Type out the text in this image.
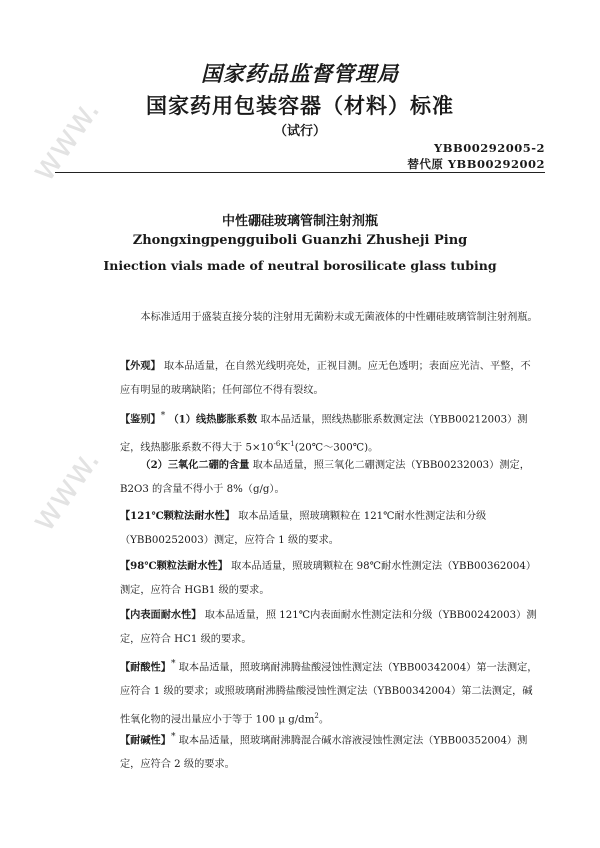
www.
www.
国家药品监督管理局
国家药用包装容器（材料）标准
（试行）
YBB00292005-2
替代原 YBB00292002
中性硼硅玻璃管制注射剂瓶
Zhongxingpengguiboli Guanzhi Zhusheji Ping
Iniection vials made of neutral borosilicate glass tubing
本标准适用于盛装直接分装的注射用无菌粉末或无菌液体的中性硼硅玻璃管制注射剂瓶。
【外观】 取本品适量，在自然光线明亮处，正视目测。应无色透明；表面应光洁、平整，不应有明显的玻璃缺陷；任何部位不得有裂纹。
【鉴别】* （1）线热膨胀系数 取本品适量，照线热膨胀系数测定法（YBB00212003）测定，线热膨胀系数不得大于 $5\times 10^{-6}K^{-1}(20℃\sim 300℃)$。
（2）三氧化二硼的含量 取本品适量，照三氧化二硼测定法（YBB00232003）测定，B2O3 的含量不得小于 8%（g/g）。
【121℃颗粒法耐水性】 取本品适量，照玻璃颗粒在 121℃耐水性测定法和分级（YBB00252003）测定，应符合 1 级的要求。
【98℃颗粒法耐水性】 取本品适量，照玻璃颗粒在 98℃耐水性测定法（YBB00362004）测定，应符合 HGB1 级的要求。
【内表面耐水性】 取本品适量，照 121℃内表面耐水性测定法和分级（YBB00242003）测定，应符合 HC1 级的要求。
【耐酸性】* 取本品适量，照玻璃耐沸腾盐酸浸蚀性测定法（YBB00342004）第一法测定，应符合 1 级的要求；或照玻璃耐沸腾盐酸浸蚀性测定法（YBB00342004）第二法测定，碱性氧化物的浸出量应小于等于 100 μ $g/dm^2$。
【耐碱性】* 取本品适量，照玻璃耐沸腾混合碱水溶液浸蚀性测定法（YBB00352004）测定，应符合 2 级的要求。
